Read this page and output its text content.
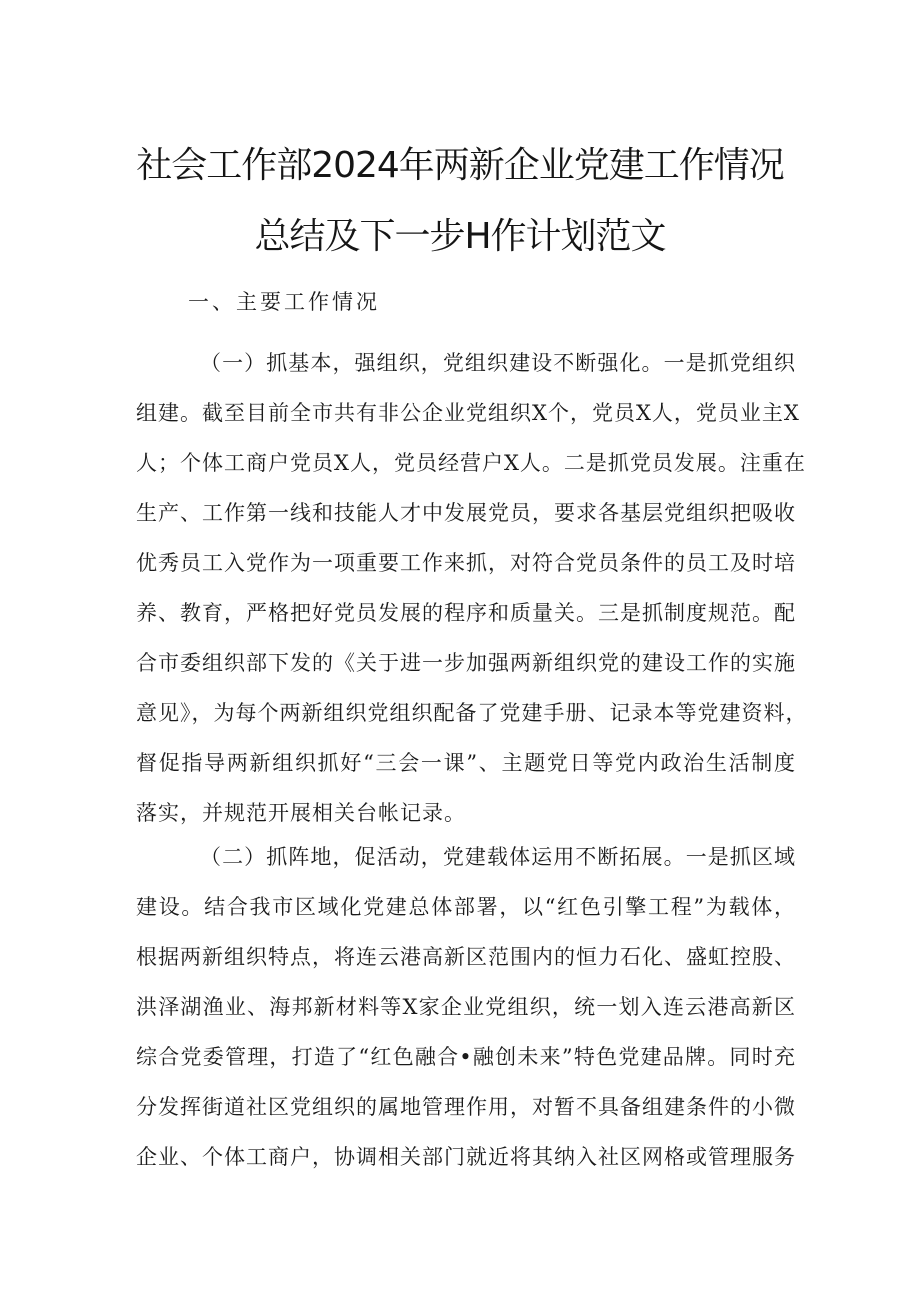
社会工作部2024年两新企业党建工作情况
总结及下一步H作计划范文
一、主要工作情况
（一）抓基本，强组织，党组织建设不断强化。一是抓党组织
组建。截至目前全市共有非公企业党组织X个，党员X人，党员业主X
人；个体工商户党员X人，党员经营户X人。二是抓党员发展。注重在
生产、工作第一线和技能人才中发展党员，要求各基层党组织把吸收
优秀员工入党作为一项重要工作来抓，对符合党员条件的员工及时培
养、教育，严格把好党员发展的程序和质量关。三是抓制度规范。配
合市委组织部下发的《关于进一步加强两新组织党的建设工作的实施
意见》，为每个两新组织党组织配备了党建手册、记录本等党建资料，
督促指导两新组织抓好“三会一课”、主题党日等党内政治生活制度
落实，并规范开展相关台帐记录。
（二）抓阵地，促活动，党建载体运用不断拓展。一是抓区域
建设。结合我市区域化党建总体部署，以“红色引擎工程”为载体，
根据两新组织特点，将连云港高新区范围内的恒力石化、盛虹控股、
洪泽湖渔业、海邦新材料等X家企业党组织，统一划入连云港高新区
综合党委管理，打造了“红色融合•融创未来”特色党建品牌。同时充
分发挥街道社区党组织的属地管理作用，对暂不具备组建条件的小微
企业、个体工商户，协调相关部门就近将其纳入社区网格或管理服务
